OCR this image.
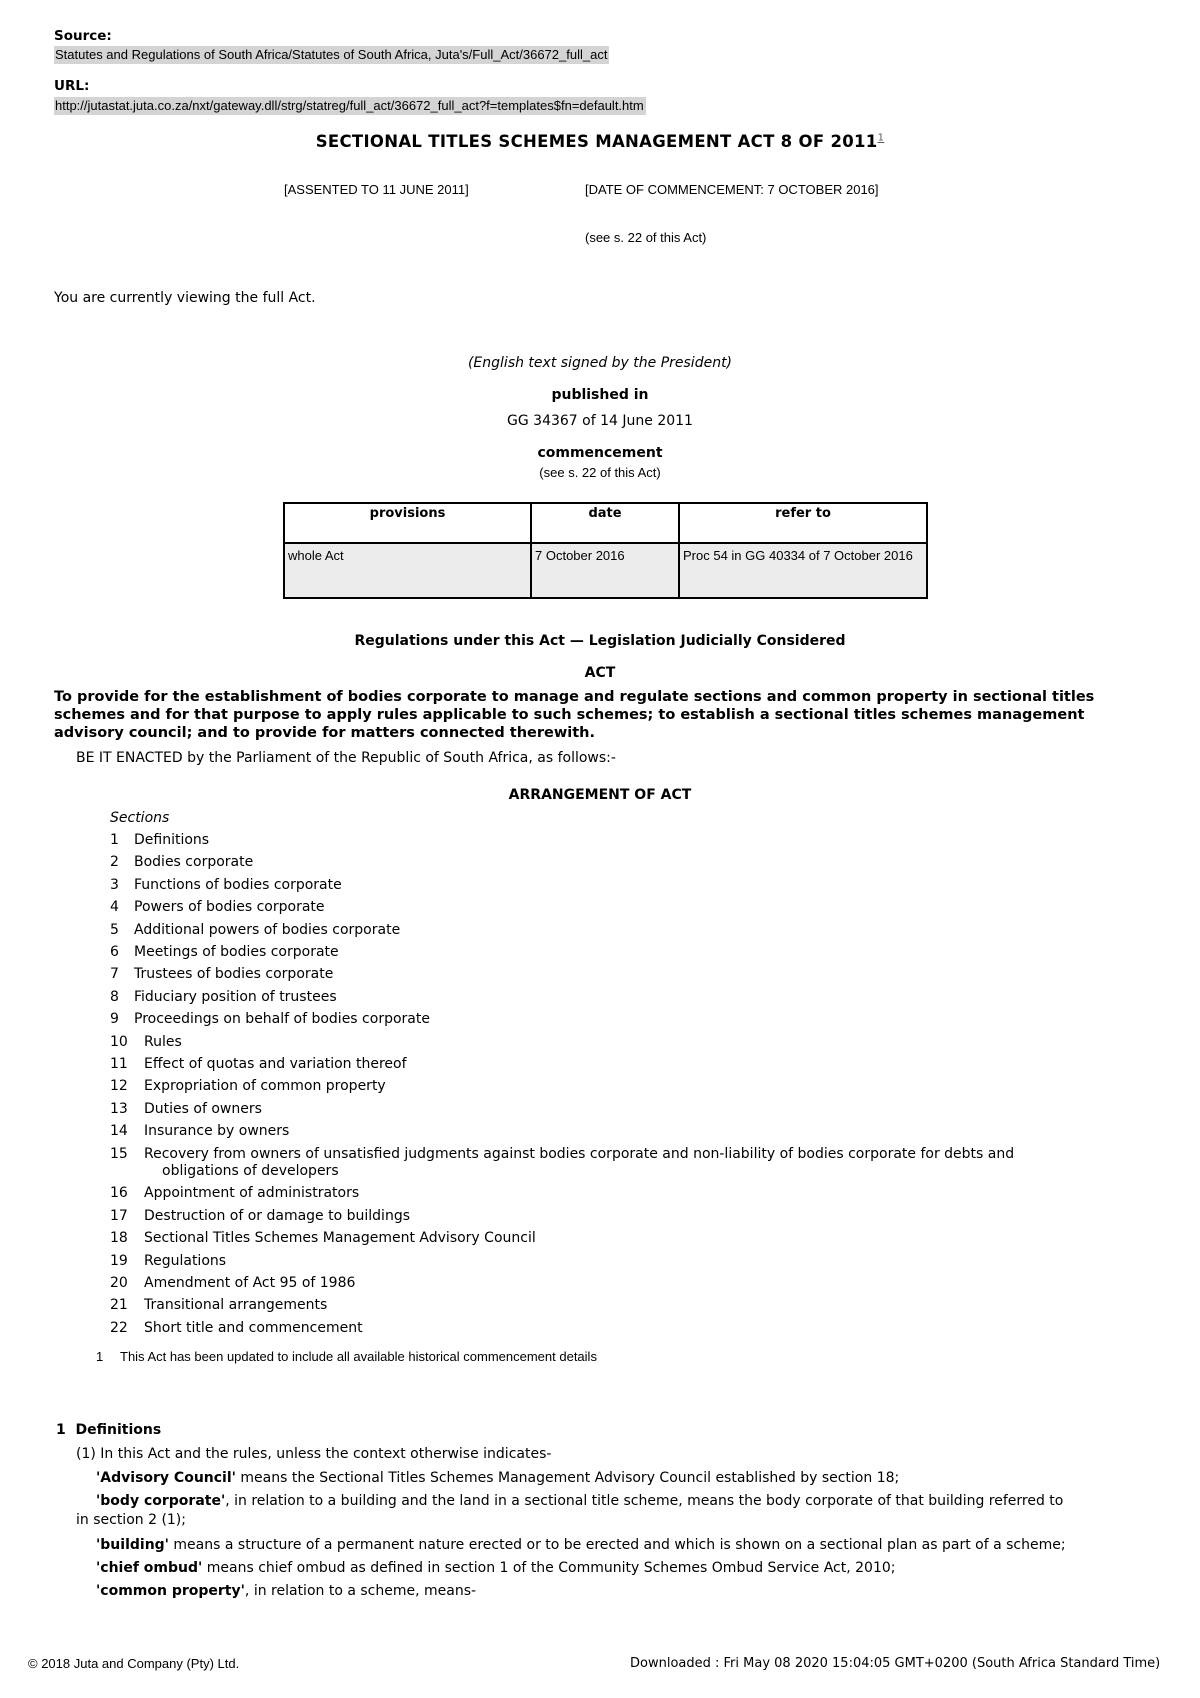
Source:
Statutes and Regulations of South Africa/Statutes of South Africa, Juta's/Full_Act/36672_full_act
URL:
http://jutastat.juta.co.za/nxt/gateway.dll/strg/statreg/full_act/36672_full_act?f=templates$fn=default.htm
SECTIONAL TITLES SCHEMES MANAGEMENT ACT 8 OF 2011$^1$
[ASSENTED TO 11 JUNE 2011]	[DATE OF COMMENCEMENT: 7 OCTOBER 2016]
(see s. 22 of this Act)
You are currently viewing the full Act.
(English text signed by the President)
published in
GG 34367 of 14 June 2011
commencement
(see s. 22 of this Act)
provisions	date	refer to
whole Act	7 October 2016	Proc 54 in GG 40334 of 7 October 2016
Regulations under this Act — Legislation Judicially Considered
ACT
To provide for the establishment of bodies corporate to manage and regulate sections and common property in sectional titles schemes and for that purpose to apply rules applicable to such schemes; to establish a sectional titles schemes management advisory council; and to provide for matters connected therewith.
BE IT ENACTED by the Parliament of the Republic of South Africa, as follows:-
ARRANGEMENT OF ACT
Sections
1 Definitions
2 Bodies corporate
3 Functions of bodies corporate
4 Powers of bodies corporate
5 Additional powers of bodies corporate
6 Meetings of bodies corporate
7 Trustees of bodies corporate
8 Fiduciary position of trustees
9 Proceedings on behalf of bodies corporate
10 Rules
11 Effect of quotas and variation thereof
12 Expropriation of common property
13 Duties of owners
14 Insurance by owners
15 Recovery from owners of unsatisfied judgments against bodies corporate and non-liability of bodies corporate for debts and
obligations of developers
16 Appointment of administrators
17 Destruction of or damage to buildings
18 Sectional Titles Schemes Management Advisory Council
19 Regulations
20 Amendment of Act 95 of 1986
21 Transitional arrangements
22 Short title and commencement
1 This Act has been updated to include all available historical commencement details
1 Definitions
(1) In this Act and the rules, unless the context otherwise indicates-
'Advisory Council' means the Sectional Titles Schemes Management Advisory Council established by section 18;
'body corporate', in relation to a building and the land in a sectional title scheme, means the body corporate of that building referred to
in section 2 (1);
'building' means a structure of a permanent nature erected or to be erected and which is shown on a sectional plan as part of a scheme;
'chief ombud' means chief ombud as defined in section 1 of the Community Schemes Ombud Service Act, 2010;
'common property', in relation to a scheme, means-
© 2018 Juta and Company (Pty) Ltd.	Downloaded : Fri May 08 2020 15:04:05 GMT+0200 (South Africa Standard Time)
